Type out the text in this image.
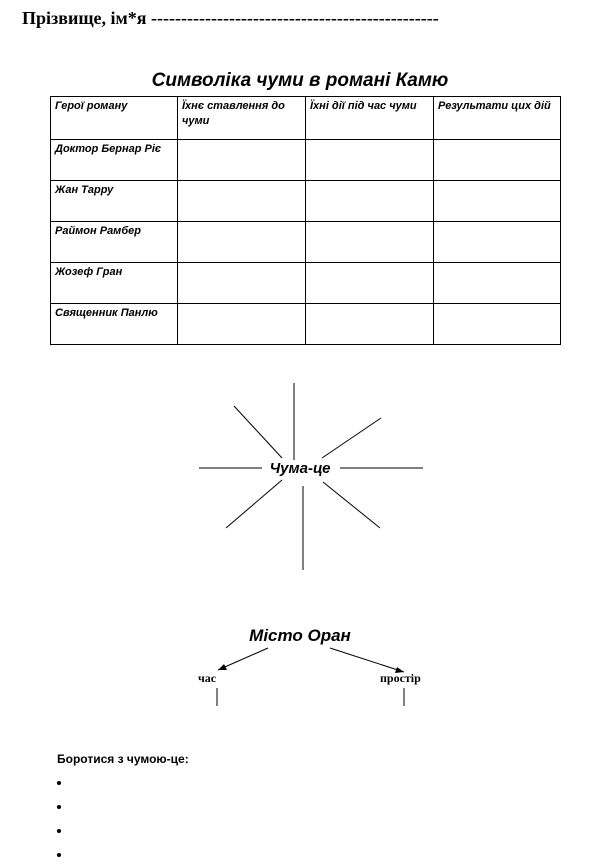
Прізвище, ім*я ------------------------------------------------
Символіка чуми в романі Камю
Герої роману	Їхнє ставлення до чуми	Їхні дії під час чуми	Результати цих дій
Доктор Бернар Ріє			
Жан Тарру			
Раймон Рамбер			
Жозеф Гран			
Священник Панлю			
Чума-це
Місто Оран
час	простір
Боротися з чумою-це:
